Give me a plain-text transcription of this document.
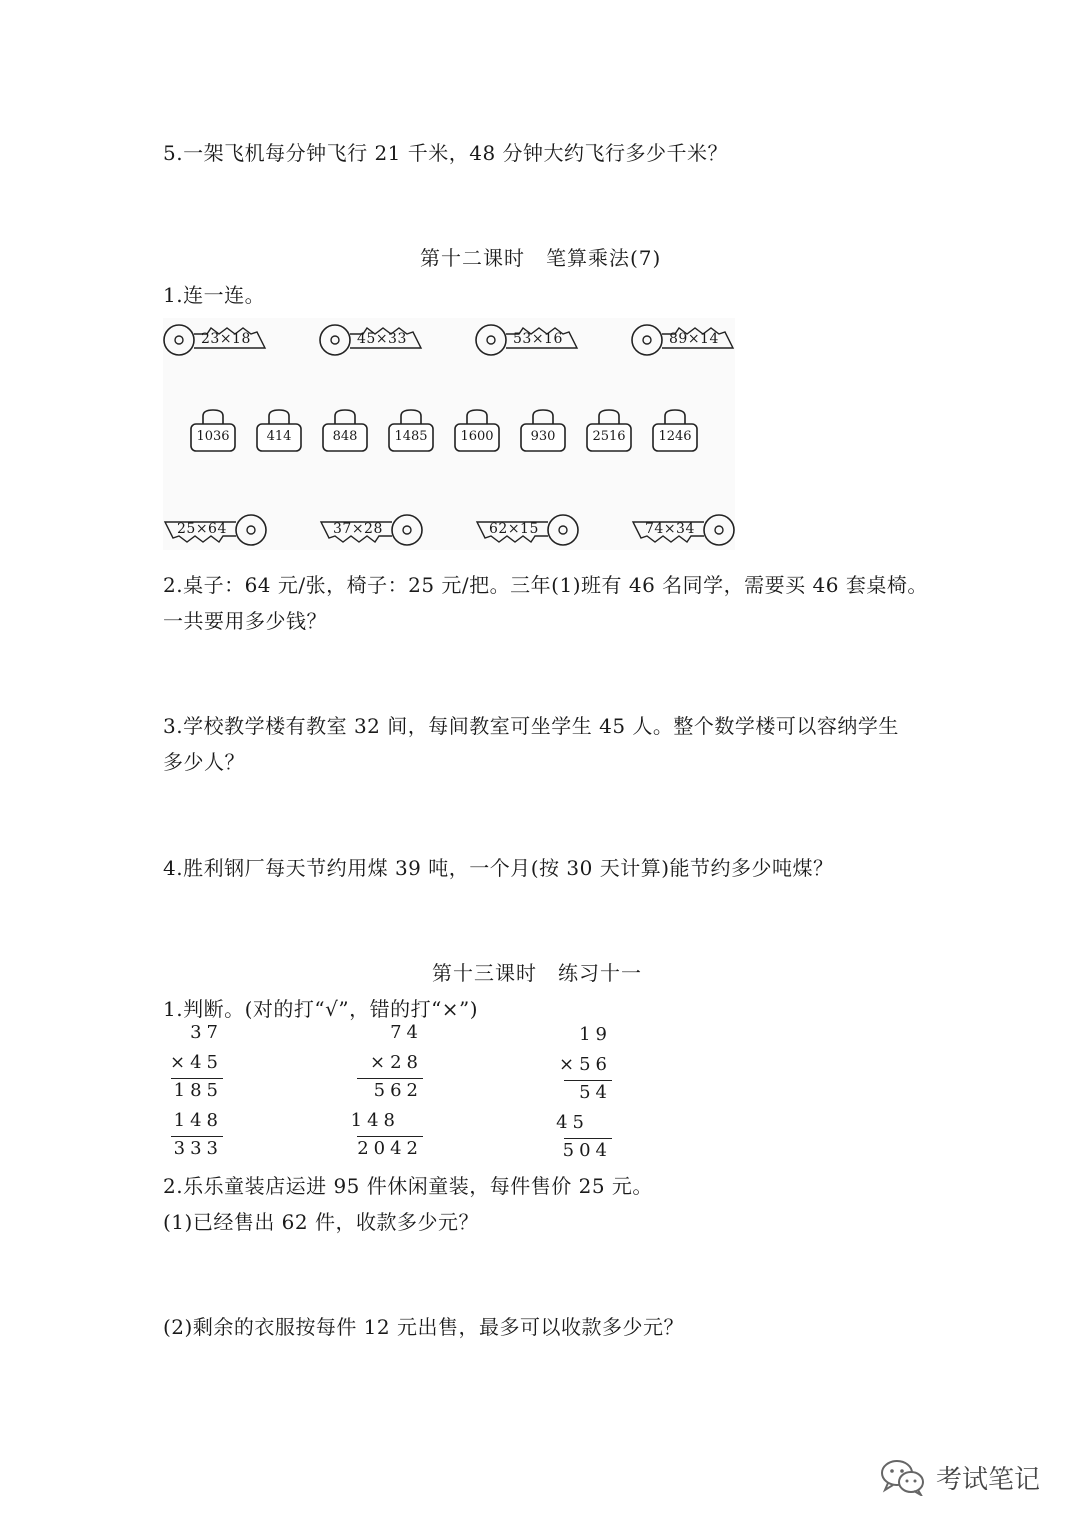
5.一架飞机每分钟飞行 21 千米，48 分钟大约飞行多少千米？
第十二课时　笔算乘法(7)
1.连一连。
23×18	45×33	53×16	89×14
1036	414	848	1485	1600	930	2516	1246
25×64	37×28	62×15	74×34
2.桌子：64 元/张，椅子：25 元/把。三年(1)班有 46 名同学，需要买 46 套桌椅。
一共要用多少钱？
3.学校教学楼有教室 32 间，每间教室可坐学生 45 人。整个数学楼可以容纳学生
多少人？
4.胜利钢厂每天节约用煤 39 吨，一个月(按 30 天计算)能节约多少吨煤？
第十三课时　练习十一
1.判断。(对的打“√”，错的打“×”)
37
×45
185
148
333
74
×28
562
148
2042
19
×56
54
45
504
2.乐乐童装店运进 95 件休闲童装，每件售价 25 元。
(1)已经售出 62 件，收款多少元？
(2)剩余的衣服按每件 12 元出售，最多可以收款多少元？
考试笔记
